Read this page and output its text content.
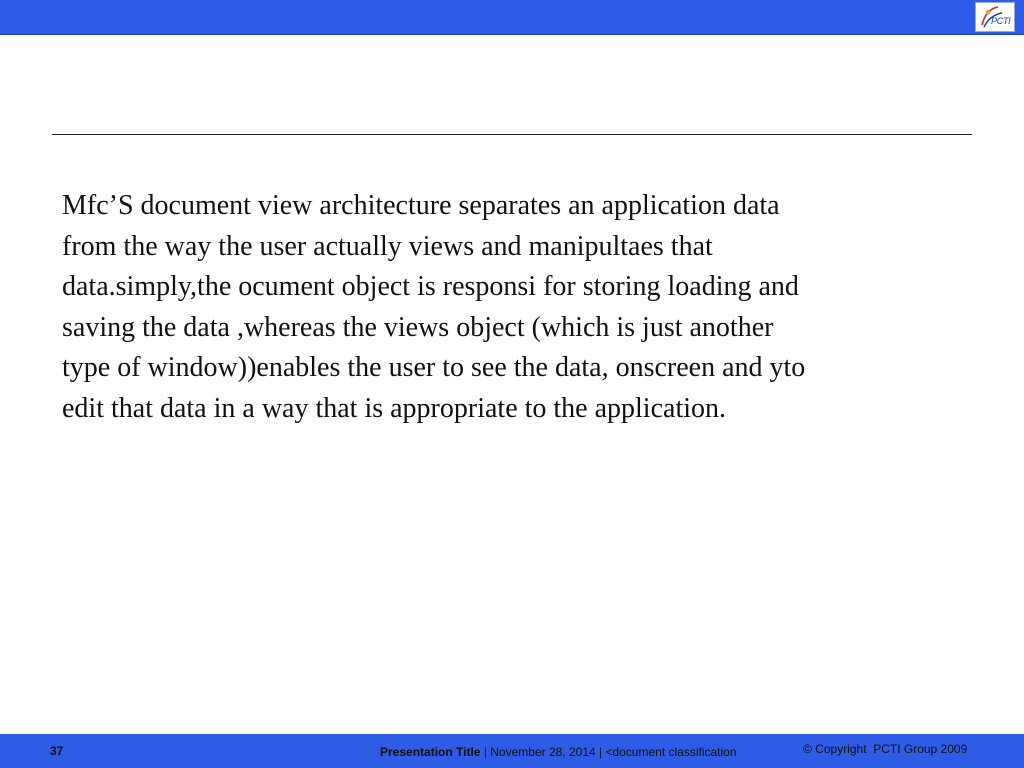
PCTI

Mfc’S document view architecture separates an application data
from the way the user actually views and manipultaes that
data.simply,the ocument object is responsi for storing loading and
saving the data ,whereas the views object (which is just another
type of window))enables the user to see the data, onscreen and yto
edit that data in a way that is appropriate to the application.

37	Presentation Title | November 28, 2014 | <document classification	© Copyright  PCTI Group 2009
